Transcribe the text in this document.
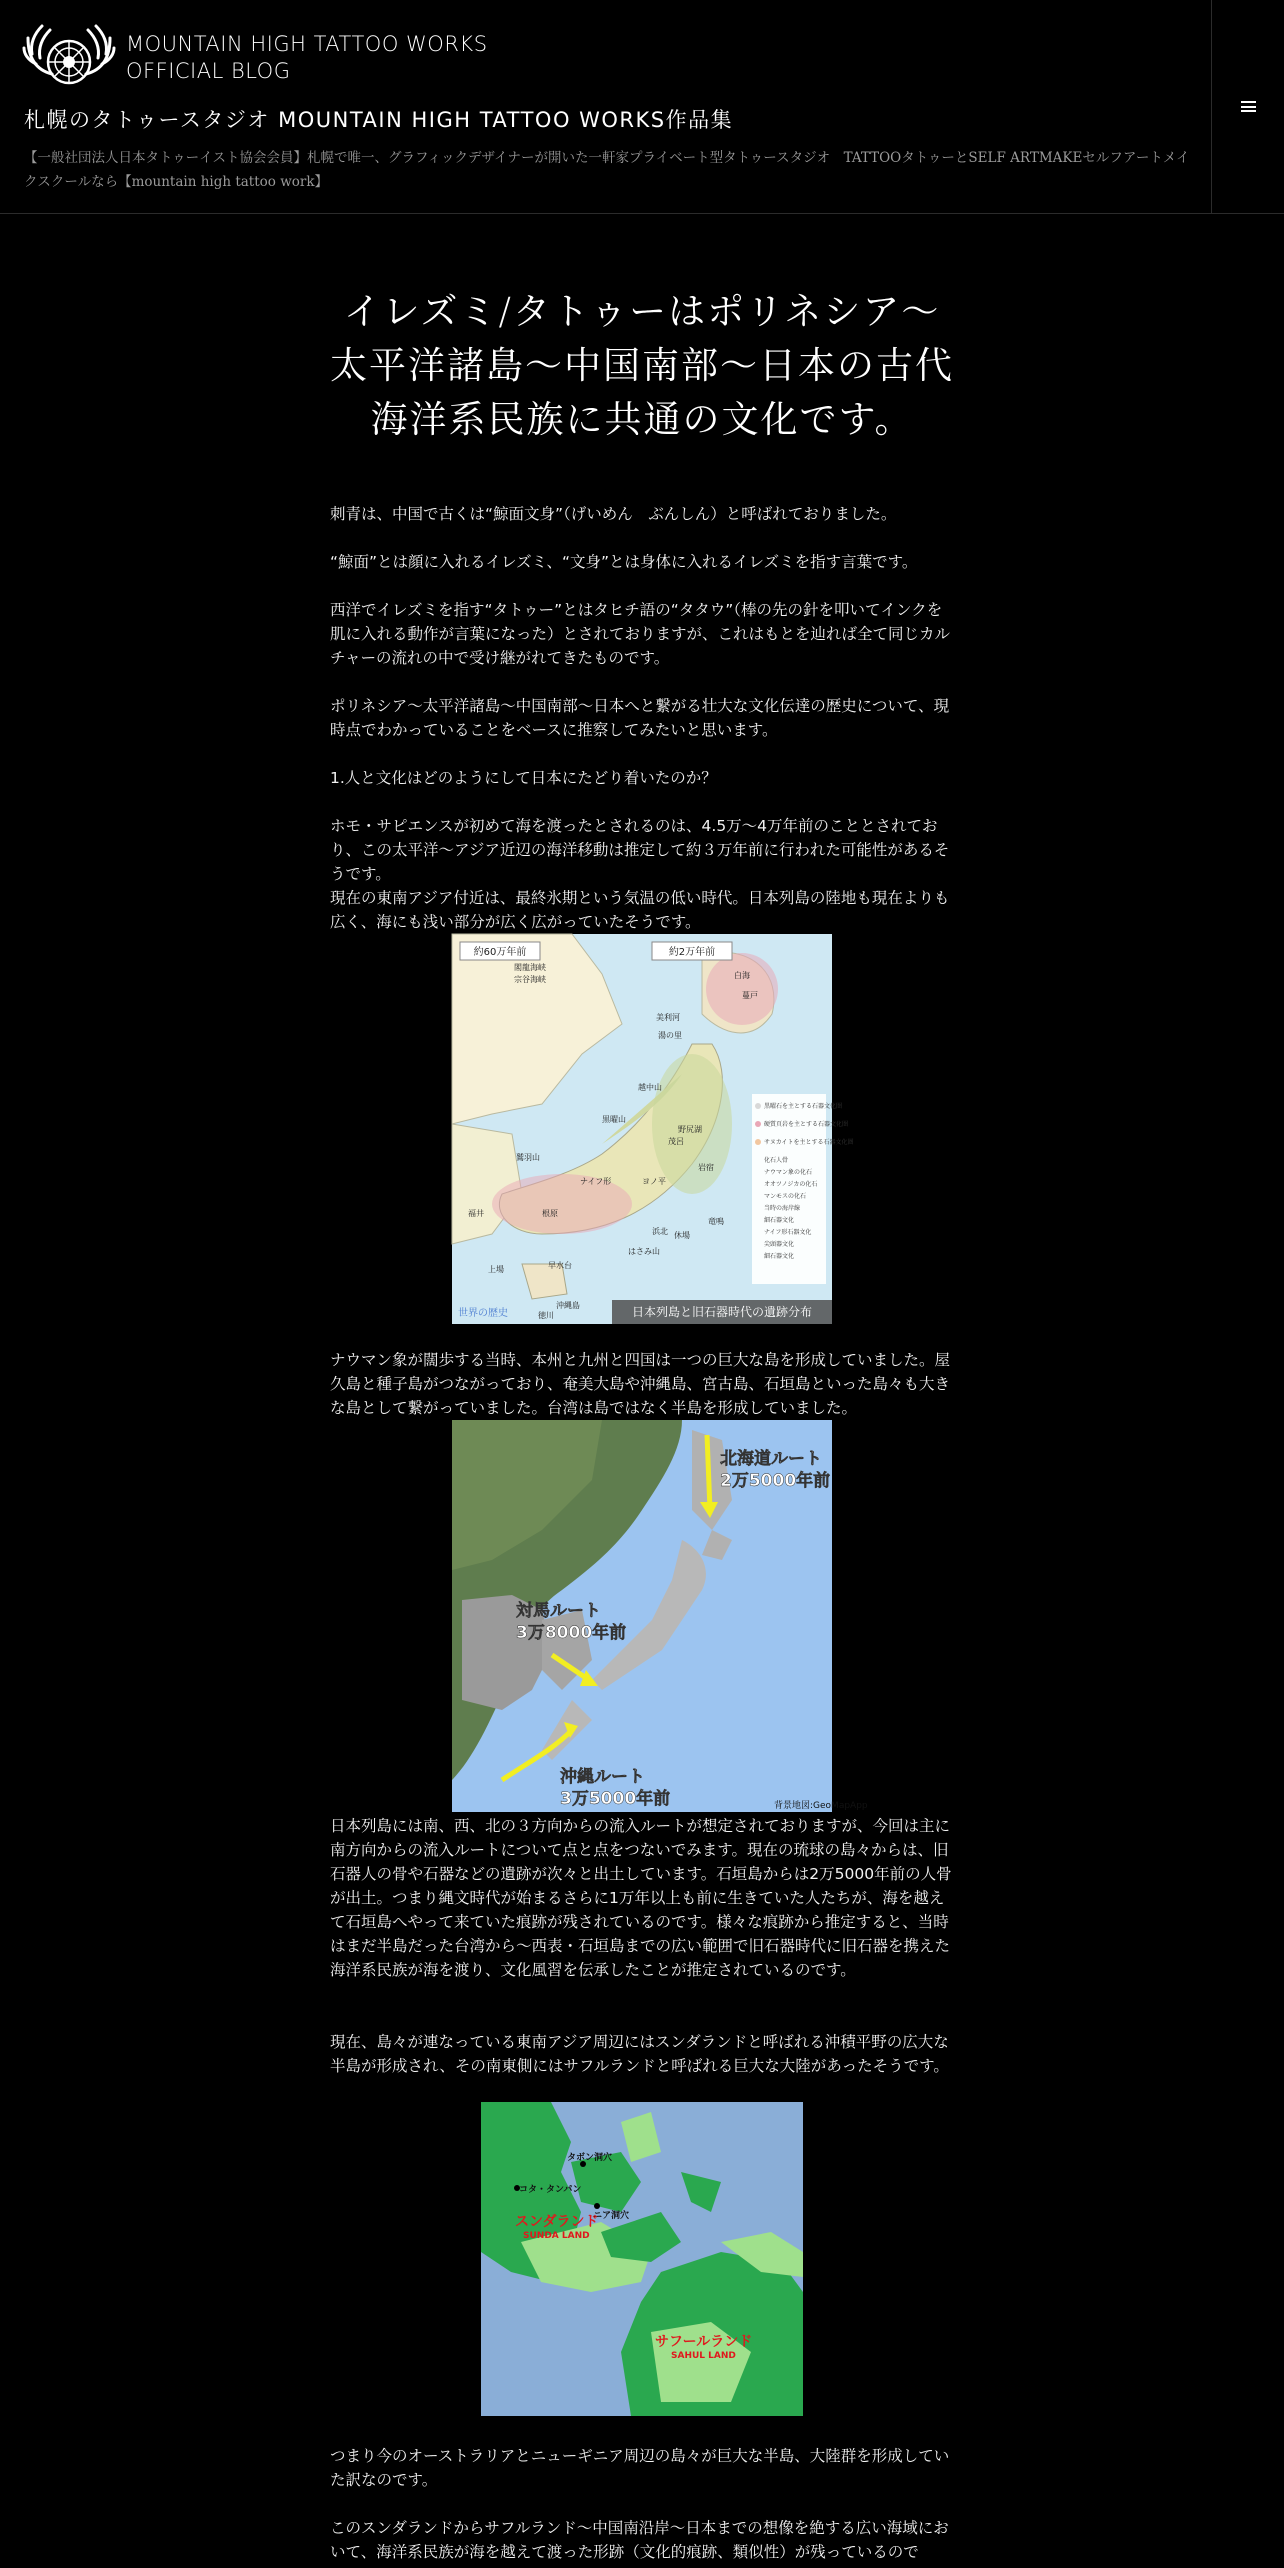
MOUNTAIN HIGH TATTOO WORKS
OFFICIAL BLOG
札幌のタトゥースタジオ MOUNTAIN HIGH TATTOO WORKS作品集

【一般社団法人日本タトゥーイスト協会会員】札幌で唯一、グラフィックデザイナーが開いた一軒家プライベート型タトゥースタジオ　TATTOOタトゥーとSELF ARTMAKEセルフアートメイクスクールなら【mountain high tattoo work】

イレズミ/タトゥーはポリネシア〜太平洋諸島〜中国南部〜日本の古代海洋系民族に共通の文化です。

刺青は、中国で古くは“鯨面文身”（げいめん　ぶんしん）と呼ばれておりました。

“鯨面”とは顔に入れるイレズミ、“文身”とは身体に入れるイレズミを指す言葉です。

西洋でイレズミを指す“タトゥー”とはタヒチ語の“タタウ”（棒の先の針を叩いてインクを肌に入れる動作が言葉になった）とされておりますが、これはもとを辿れば全て同じカルチャーの流れの中で受け継がれてきたものです。

ポリネシア〜太平洋諸島〜中国南部〜日本へと繋がる壮大な文化伝達の歴史について、現時点でわかっていることをベースに推察してみたいと思います。

1.人と文化はどのようにして日本にたどり着いたのか？

ホモ・サピエンスが初めて海を渡ったとされるのは、4.5万〜4万年前のこととされており、この太平洋〜アジア近辺の海洋移動は推定して約３万年前に行われた可能性があるそうです。

現在の東南アジア付近は、最終氷期という気温の低い時代。日本列島の陸地も現在よりも広く、海にも浅い部分が広く広がっていたそうです。

約60万年前	約2万年前
黒曜石を主とする石器文化圏
硬質頁岩を主とする石器文化圏
サヌカイトを主とする石器文化圏
化石人骨
ナウマン象の化石
オオツノジカの化石
マンモスの化石
当時の海岸線
細石器文化
ナイフ形石器文化
尖頭器文化
細石器文化
白海
蔓戸
美利河
湯の里
越中山
黒曜山
閣龍海峡
宗谷海峡
鷲羽山
福井	根原
上場	早水台
沖縄島
徳川
ナイフ形
茂呂
野尻湖
はさみ山
岩宿
休場
浜北
ヨノ平
竜鳴
世界の歴史	日本列島と旧石器時代の遺跡分布

ナウマン象が闊歩する当時、本州と九州と四国は一つの巨大な島を形成していました。屋久島と種子島がつながっており、奄美大島や沖縄島、宮古島、石垣島といった島々も大きな島として繋がっていました。台湾は島ではなく半島を形成していました。

北海道ルート
2万5000年前
対馬ルート
3万8000年前
沖縄ルート
3万5000年前	背景地図:GeoMapApp

日本列島には南、西、北の３方向からの流入ルートが想定されておりますが、今回は主に南方向からの流入ルートについて点と点をつないでみます。現在の琉球の島々からは、旧石器人の骨や石器などの遺跡が次々と出土しています。石垣島からは2万5000年前の人骨が出土。つまり縄文時代が始まるさらに1万年以上も前に生きていた人たちが、海を越えて石垣島へやって来ていた痕跡が残されているのです。様々な痕跡から推定すると、当時はまだ半島だった台湾から〜西表・石垣島までの広い範囲で旧石器時代に旧石器を携えた海洋系民族が海を渡り、文化風習を伝承したことが推定されているのです。

現在、島々が連なっている東南アジア周辺にはスンダランドと呼ばれる沖積平野の広大な半島が形成され、その南東側にはサフルランドと呼ばれる巨大な大陸があったそうです。

タボン洞穴
コタ・タンパン
ニア洞穴
スンダランド
SUNDA LAND
サフールランド
SAHUL LAND

つまり今のオーストラリアとニューギニア周辺の島々が巨大な半島、大陸群を形成していた訳なのです。

このスンダランドからサフルランド〜中国南沿岸〜日本までの想像を絶する広い海域において、海洋系民族が海を越えて渡った形跡（文化的痕跡、類似性）が残っているので
